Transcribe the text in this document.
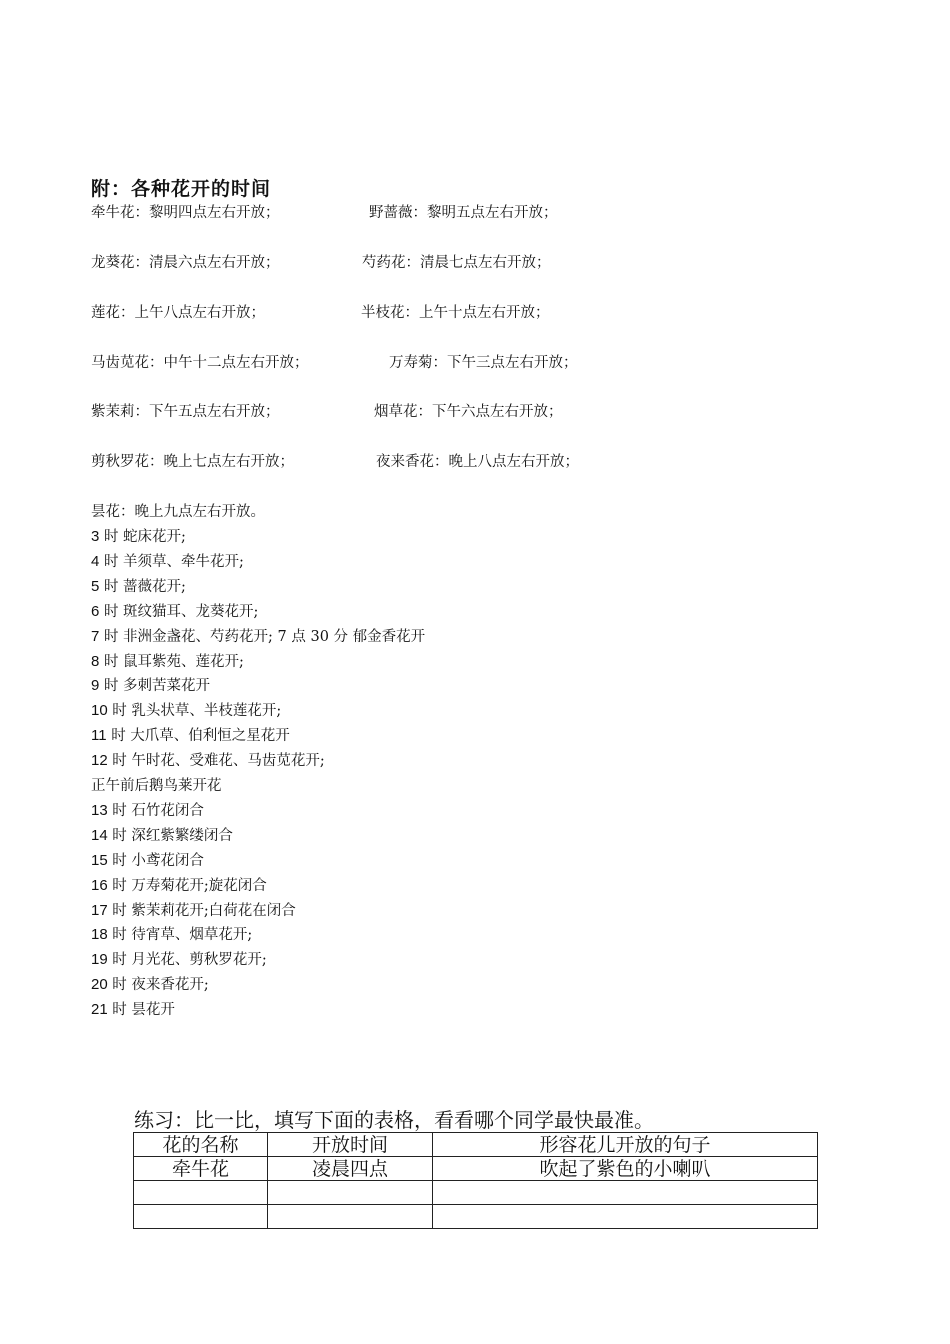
附：各种花开的时间
牵牛花：黎明四点左右开放；	野蔷薇：黎明五点左右开放；
龙葵花：清晨六点左右开放；	芍药花：清晨七点左右开放；
莲花：上午八点左右开放；	半枝花：上午十点左右开放；
马齿苋花：中午十二点左右开放；	万寿菊：下午三点左右开放；
紫茉莉：下午五点左右开放；	烟草花：下午六点左右开放；
剪秋罗花：晚上七点左右开放；	夜来香花：晚上八点左右开放；
昙花：晚上九点左右开放。
3 时 蛇床花开;
4 时 羊须草、牵牛花开;
5 时 蔷薇花开;
6 时 斑纹猫耳、龙葵花开;
7 时 非洲金盏花、芍药花开; 7 点 30 分 郁金香花开
8 时 鼠耳紫苑、莲花开;
9 时 多刺苦菜花开
10 时 乳头状草、半枝莲花开;
11 时 大爪草、伯利恒之星花开
12 时 午时花、受难花、马齿苋花开;
正午前后鹅鸟莱开花
13 时 石竹花闭合
14 时 深红紫繁缕闭合
15 时 小鸢花闭合
16 时 万寿菊花开;旋花闭合
17 时 紫茉莉花开;白荷花在闭合
18 时 待宵草、烟草花开;
19 时 月光花、剪秋罗花开;
20 时 夜来香花开;
21 时 昙花开
练习：比一比，填写下面的表格，看看哪个同学最快最准。
花的名称	开放时间	形容花儿开放的句子
牵牛花	凌晨四点	吹起了紫色的小喇叭
